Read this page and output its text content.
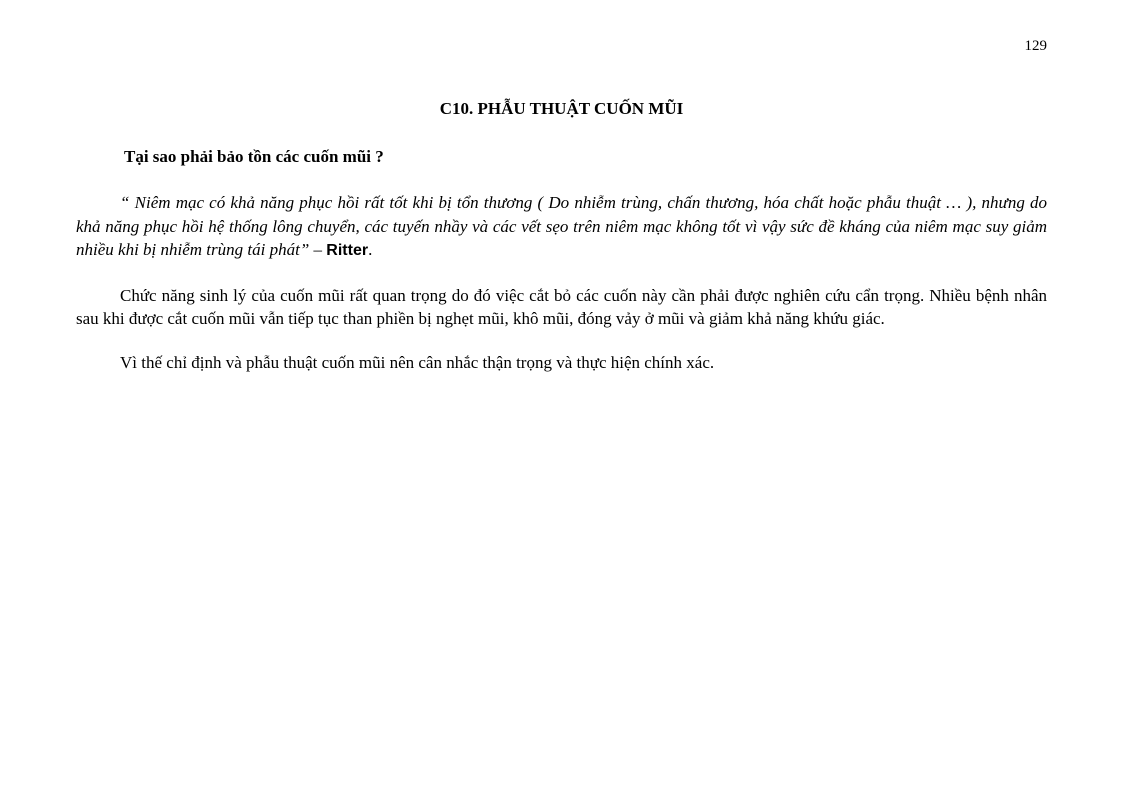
129
C10. PHẪU THUẬT CUỐN MŨI
Tại sao phải bảo tồn các cuốn mũi ?

“ Niêm mạc có khả năng phục hồi rất tốt khi bị tổn thương ( Do nhiễm trùng, chấn thương, hóa chất hoặc phẫu thuật … ), nhưng do khả năng phục hồi hệ thống lông chuyển, các tuyến nhầy và các vết sẹo trên niêm mạc không tốt vì vậy sức đề kháng của niêm mạc suy giảm nhiều khi bị nhiễm trùng tái phát” – Ritter.

Chức năng sinh lý của cuốn mũi rất quan trọng do đó việc cắt bỏ các cuốn này cần phải được nghiên cứu cẩn trọng. Nhiều bệnh nhân sau khi được cắt cuốn mũi vẫn tiếp tục than phiền bị nghẹt mũi, khô mũi, đóng vảy ở mũi và giảm khả năng khứu giác.

Vì thế chỉ định và phẫu thuật cuốn mũi nên cân nhắc thận trọng và thực hiện chính xác.
